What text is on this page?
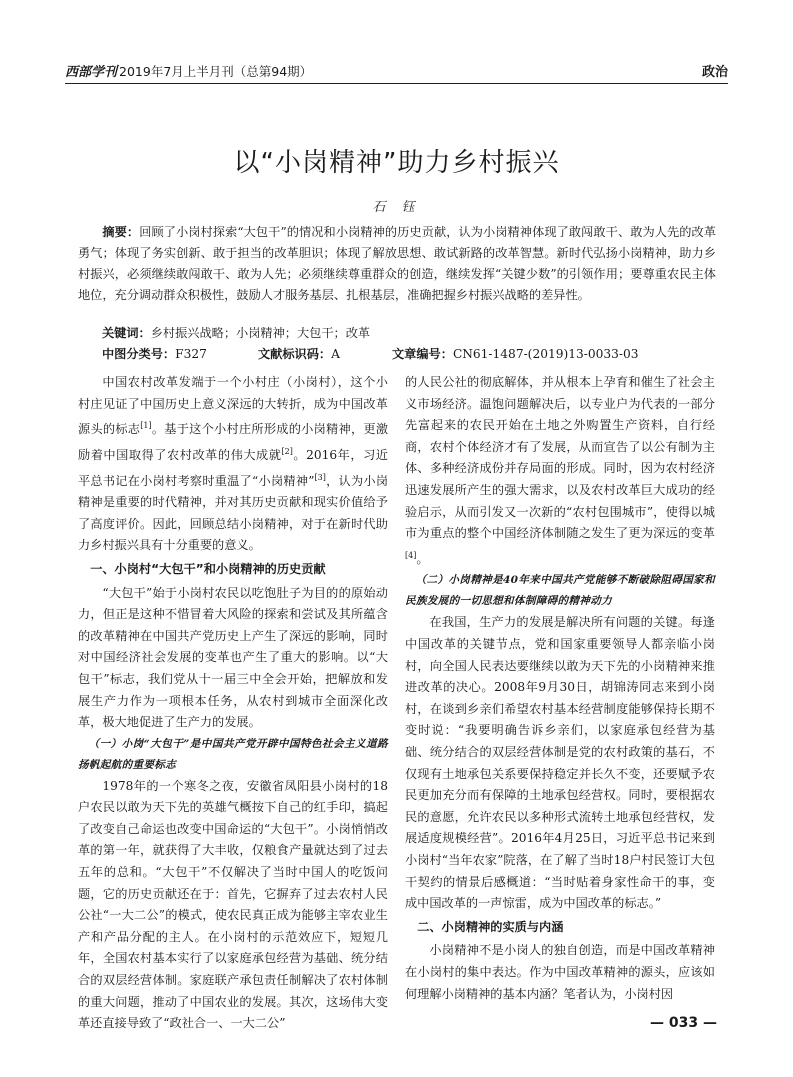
西部学刊 2019年7月上半月刊（总第94期）	政治
以“小岗精神”助力乡村振兴
石 钰
摘要：回顾了小岗村探索“大包干”的情况和小岗精神的历史贡献，认为小岗精神体现了敢闯敢干、敢为人先的改革勇气；体现了务实创新、敢于担当的改革胆识；体现了解放思想、敢试新路的改革智慧。新时代弘扬小岗精神，助力乡村振兴，必须继续敢闯敢干、敢为人先；必须继续尊重群众的创造，继续发挥“关键少数”的引领作用；要尊重农民主体地位，充分调动群众积极性，鼓励人才服务基层、扎根基层，准确把握乡村振兴战略的差异性。
关键词：乡村振兴战略；小岗精神；大包干；改革
中图分类号：F327	文献标识码：A	文章编号：CN61-1487-(2019)13-0033-03

中国农村改革发端于一个小村庄（小岗村），这个小村庄见证了中国历史上意义深远的大转折，成为中国改革源头的标志[1]。基于这个小村庄所形成的小岗精神，更激励着中国取得了农村改革的伟大成就[2]。2016年，习近平总书记在小岗村考察时重温了“小岗精神”[3]，认为小岗精神是重要的时代精神，并对其历史贡献和现实价值给予了高度评价。因此，回顾总结小岗精神，对于在新时代助力乡村振兴具有十分重要的意义。

一、小岗村“大包干”和小岗精神的历史贡献

“大包干”始于小岗村农民以吃饱肚子为目的的原始动力，但正是这种不惜冒着大风险的探索和尝试及其所蕴含的改革精神在中国共产党历史上产生了深远的影响，同时对中国经济社会发展的变革也产生了重大的影响。以“大包干”标志，我们党从十一届三中全会开始，把解放和发展生产力作为一项根本任务，从农村到城市全面深化改革，极大地促进了生产力的发展。

（一）小岗“大包干”是中国共产党开辟中国特色社会主义道路扬帆起航的重要标志

1978年的一个寒冬之夜，安徽省凤阳县小岗村的18户农民以敢为天下先的英雄气概按下自己的红手印，搞起了改变自己命运也改变中国命运的“大包干”。小岗悄悄改革的第一年，就获得了大丰收，仅粮食产量就达到了过去五年的总和。“大包干”不仅解决了当时中国人的吃饭问题，它的历史贡献还在于：首先，它摒弃了过去农村人民公社“一大二公”的模式，使农民真正成为能够主宰农业生产和产品分配的主人。在小岗村的示范效应下，短短几年，全国农村基本实行了以家庭承包经营为基础、统分结合的双层经营体制。家庭联产承包责任制解决了农村体制的重大问题，推动了中国农业的发展。其次，这场伟大变革还直接导致了“政社合一、一大二公”

的人民公社的彻底解体，并从根本上孕育和催生了社会主义市场经济。温饱问题解决后，以专业户为代表的一部分先富起来的农民开始在土地之外购置生产资料，自行经商，农村个体经济才有了发展，从而宣告了以公有制为主体、多种经济成份并存局面的形成。同时，因为农村经济迅速发展所产生的强大需求，以及农村改革巨大成功的经验启示，从而引发又一次新的“农村包围城市”，使得以城市为重点的整个中国经济体制随之发生了更为深远的变革[4]。

（二）小岗精神是40年来中国共产党能够不断破除阻碍国家和民族发展的一切思想和体制障碍的精神动力

在我国，生产力的发展是解决所有问题的关键。每逢中国改革的关键节点，党和国家重要领导人都亲临小岗村，向全国人民表达要继续以敢为天下先的小岗精神来推进改革的决心。2008年9月30日，胡锦涛同志来到小岗村，在谈到乡亲们希望农村基本经营制度能够保持长期不变时说：“我要明确告诉乡亲们，以家庭承包经营为基础、统分结合的双层经营体制是党的农村政策的基石，不仅现有土地承包关系要保持稳定并长久不变，还要赋予农民更加充分而有保障的土地承包经营权。同时，要根据农民的意愿，允许农民以多种形式流转土地承包经营权，发展适度规模经营”。2016年4月25日，习近平总书记来到小岗村“当年农家”院落，在了解了当时18户村民签订大包干契约的情景后感概道：“当时贴着身家性命干的事，变成中国改革的一声惊雷，成为中国改革的标志。”

二、小岗精神的实质与内涵

小岗精神不是小岗人的独自创造，而是中国改革精神在小岗村的集中表达。作为中国改革精神的源头，应该如何理解小岗精神的基本内涵？笔者认为，小岗村因

— 033 —
